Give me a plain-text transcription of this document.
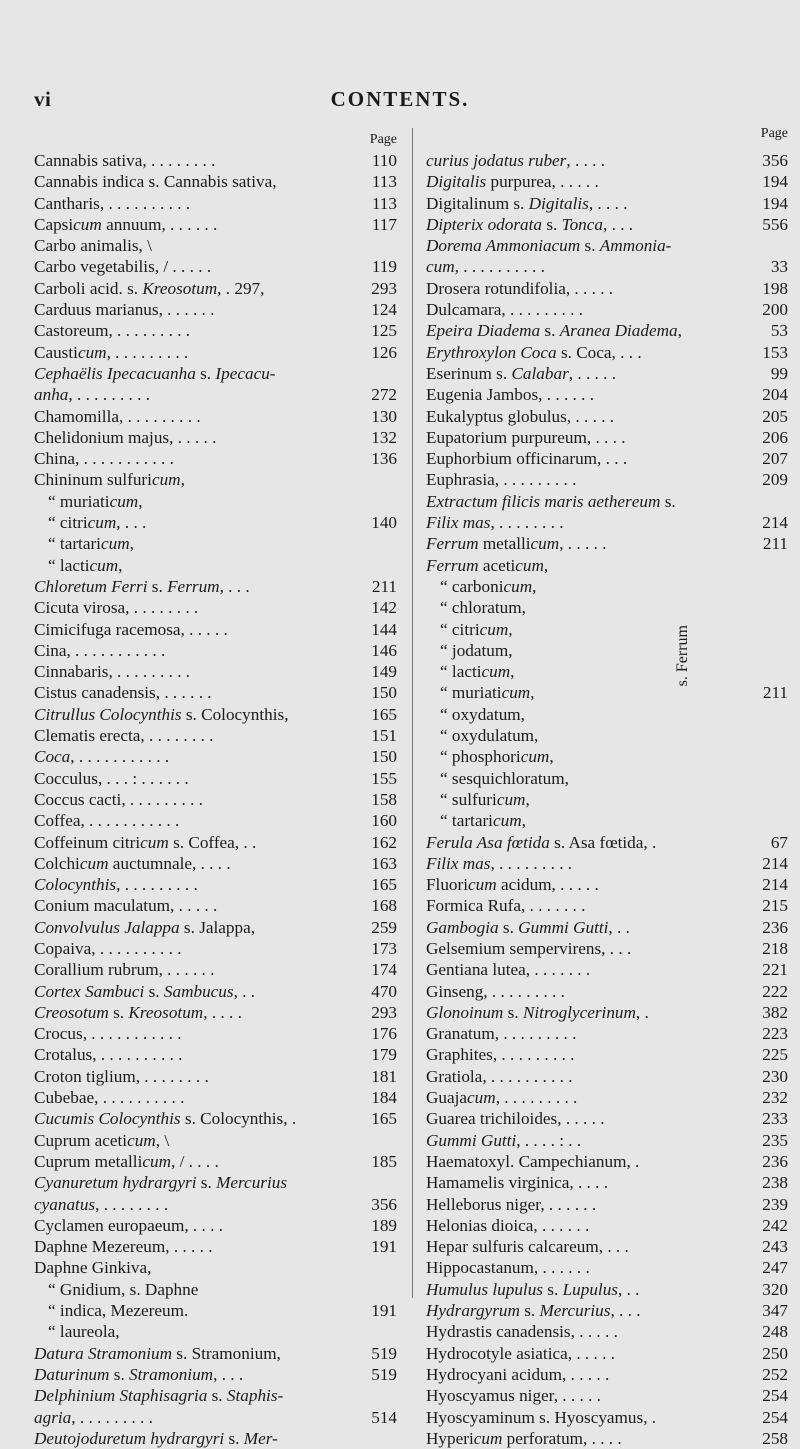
vi	CONTENTS.
Page
Cannabis sativa, . . . . . . . .	110
Cannabis indica s. Cannabis sativa,	113
Cantharis, . . . . . . . . . .	113
Capsicum annuum, . . . . . .	117
Carbo animalis, \
Carbo vegetabilis, / . . . . .	119
Carboli acid. s. Kreosotum, . 297,	293
Carduus marianus, . . . . . .	124
Castoreum, . . . . . . . . .	125
Causticum, . . . . . . . . .	126
Cephaëlis Ipecacuanha s. Ipecacu-
anha, . . . . . . . . .	272
Chamomilla, . . . . . . . . .	130
Chelidonium majus, . . . . .	132
China, . . . . . . . . . . .	136
Chininum sulfuricum,
“ muriaticum,
“ citricum, . . .	140
“ tartaricum,
“ lacticum,
Chloretum Ferri s. Ferrum, . . .	211
Cicuta virosa, . . . . . . . .	142
Cimicifuga racemosa, . . . . .	144
Cina, . . . . . . . . . . .	146
Cinnabaris, . . . . . . . . .	149
Cistus canadensis, . . . . . .	150
Citrullus Colocynthis s. Colocynthis,	165
Clematis erecta, . . . . . . . .	151
Coca, . . . . . . . . . . .	150
Cocculus, . . . : . . . . . .	155
Coccus cacti, . . . . . . . . .	158
Coffea, . . . . . . . . . . .	160
Coffeinum citricum s. Coffea, . .	162
Colchicum auctumnale, . . . .	163
Colocynthis, . . . . . . . . .	165
Conium maculatum, . . . . .	168
Convolvulus Jalappa s. Jalappa,	259
Copaiva, . . . . . . . . . .	173
Corallium rubrum, . . . . . .	174
Cortex Sambuci s. Sambucus, . .	470
Creosotum s. Kreosotum, . . . .	293
Crocus, . . . . . . . . . . .	176
Crotalus, . . . . . . . . . .	179
Croton tiglium, . . . . . . . .	181
Cubebae, . . . . . . . . . .	184
Cucumis Colocynthis s. Colocynthis, .	165
Cuprum aceticum, \
Cuprum metallicum, / . . . .	185
Cyanuretum hydrargyri s. Mercurius
cyanatus, . . . . . . . .	356
Cyclamen europaeum, . . . .	189
Daphne Mezereum, . . . . .	191
Daphne Ginkiva,
“ Gnidium, s. Daphne
“ indica, Mezereum.	191
“ laureola,
Datura Stramonium s. Stramonium,	519
Daturinum s. Stramonium, . . .	519
Delphinium Staphisagria s. Staphis-
agria, . . . . . . . . .	514
Deutojoduretum hydrargyri s. Mer-
Page
curius jodatus ruber, . . . .	356
Digitalis purpurea, . . . . .	194
Digitalinum s. Digitalis, . . . .	194
Dipterix odorata s. Tonca, . . .	556
Dorema Ammoniacum s. Ammonia-
cum, . . . . . . . . . .	33
Drosera rotundifolia, . . . . .	198
Dulcamara, . . . . . . . . .	200
Epeira Diadema s. Aranea Diadema,	53
Erythroxylon Coca s. Coca, . . .	153
Eserinum s. Calabar, . . . . .	99
Eugenia Jambos, . . . . . .	204
Eukalyptus globulus, . . . . .	205
Eupatorium purpureum, . . . .	206
Euphorbium officinarum, . . .	207
Euphrasia, . . . . . . . . .	209
Extractum filicis maris aetherеum s.
Filix mas, . . . . . . . .	214
Ferrum metallicum, . . . . .	211
Ferrum aceticum,
“ carbonicum,
“ chloratum,
“ citricum,
“ jodatum,
“ lacticum,
“ muriaticum,	211
“ oxydatum,
“ oxydulatum,
“ phosphoricum,
“ sesquichloratum,
“ sulfuricum,
“ tartaricum,
Ferula Asa fœtida s. Asa fœtida, .	67
Filix mas, . . . . . . . . .	214
Fluoricum acidum, . . . . .	214
Formica Rufa, . . . . . . .	215
Gambogia s. Gummi Gutti, . .	236
Gelsemium sempervirens, . . .	218
Gentiana lutea, . . . . . . .	221
Ginseng, . . . . . . . . .	222
Glonoinum s. Nitroglycerinum, .	382
Granatum, . . . . . . . . .	223
Graphites, . . . . . . . . .	225
Gratiola, . . . . . . . . . .	230
Guajacum, . . . . . . . . .	232
Guarea trichiloides, . . . . .	233
Gummi Gutti, . . . . : . .	235
Haematoxyl. Campechianum, .	236
Hamamelis virginica, . . . .	238
Helleborus niger, . . . . . .	239
Helonias dioica, . . . . . .	242
Hepar sulfuris calcareum, . . .	243
Hippocastanum, . . . . . .	247
Humulus lupulus s. Lupulus, . .	320
Hydrargyrum s. Mercurius, . . .	347
Hydrastis canadensis, . . . . .	248
Hydrocotyle asiatica, . . . . .	250
Hydrocyani acidum, . . . . .	252
Hyoscyamus niger, . . . . .	254
Hyoscyaminum s. Hyoscyamus, .	254
Hypericum perforatum, . . . .	258
s. Ferrum
